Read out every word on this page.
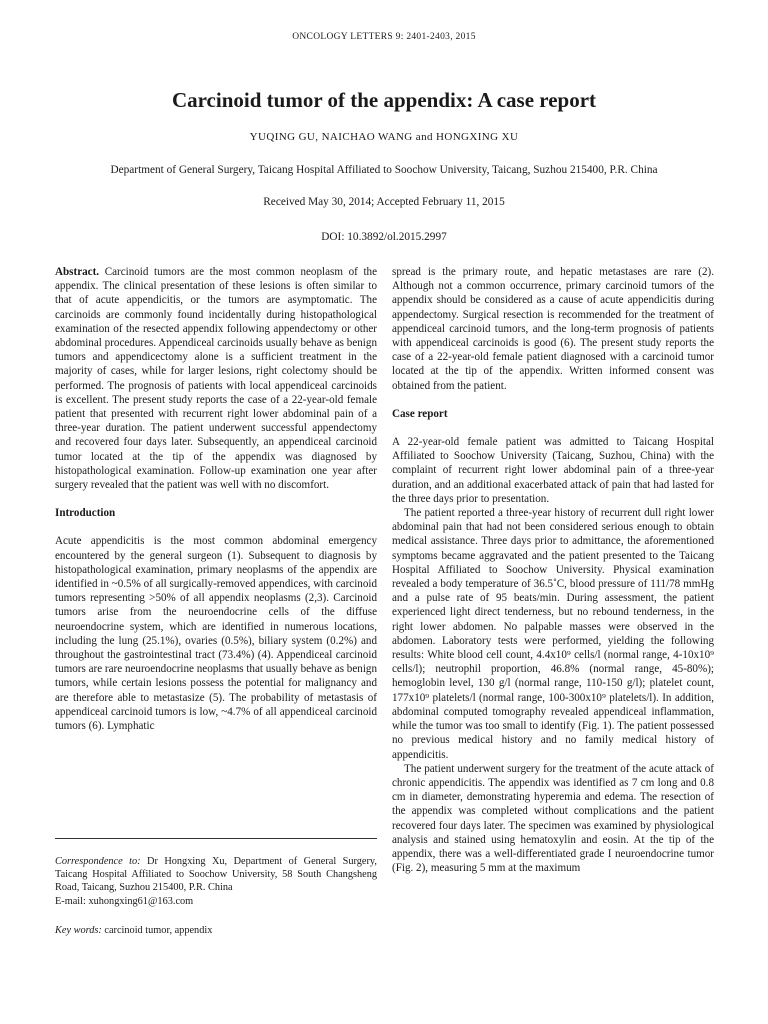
ONCOLOGY LETTERS 9: 2401-2403, 2015
Carcinoid tumor of the appendix: A case report
YUQING GU, NAICHAO WANG and HONGXING XU
Department of General Surgery, Taicang Hospital Affiliated to Soochow University, Taicang, Suzhou 215400, P.R. China
Received May 30, 2014; Accepted February 11, 2015
DOI: 10.3892/ol.2015.2997

Abstract. Carcinoid tumors are the most common neoplasm of the appendix. The clinical presentation of these lesions is often similar to that of acute appendicitis, or the tumors are asymptomatic. The carcinoids are commonly found incidentally during histopathological examination of the resected appendix following appendectomy or other abdominal procedures. Appendiceal carcinoids usually behave as benign tumors and appendicectomy alone is a sufficient treatment in the majority of cases, while for larger lesions, right colectomy should be performed. The prognosis of patients with local appendiceal carcinoids is excellent. The present study reports the case of a 22-year-old female patient that presented with recurrent right lower abdominal pain of a three-year duration. The patient underwent successful appendectomy and recovered four days later. Subsequently, an appendiceal carcinoid tumor located at the tip of the appendix was diagnosed by histopathological examination. Follow-up examination one year after surgery revealed that the patient was well with no discomfort.

Introduction

Acute appendicitis is the most common abdominal emergency encountered by the general surgeon (1). Subsequent to diagnosis by histopathological examination, primary neoplasms of the appendix are identified in ~0.5% of all surgically-removed appendices, with carcinoid tumors representing >50% of all appendix neoplasms (2,3). Carcinoid tumors arise from the neuroendocrine cells of the diffuse neuroendocrine system, which are identified in numerous locations, including the lung (25.1%), ovaries (0.5%), biliary system (0.2%) and throughout the gastrointestinal tract (73.4%) (4). Appendiceal carcinoid tumors are rare neuroendocrine neoplasms that usually behave as benign tumors, while certain lesions possess the potential for malignancy and are therefore able to metastasize (5). The probability of metastasis of appendiceal carcinoid tumors is low, ~4.7% of all appendiceal carcinoid tumors (6). Lymphatic

Correspondence to: Dr Hongxing Xu, Department of General Surgery, Taicang Hospital Affiliated to Soochow University, 58 South Changsheng Road, Taicang, Suzhou 215400, P.R. China
E-mail: xuhongxing61@163.com
Key words: carcinoid tumor, appendix

spread is the primary route, and hepatic metastases are rare (2). Although not a common occurrence, primary carcinoid tumors of the appendix should be considered as a cause of acute appendicitis during appendectomy. Surgical resection is recommended for the treatment of appendiceal carcinoid tumors, and the long-term prognosis of patients with appendiceal carcinoids is good (6). The present study reports the case of a 22-year-old female patient diagnosed with a carcinoid tumor located at the tip of the appendix. Written informed consent was obtained from the patient.

Case report

A 22-year-old female patient was admitted to Taicang Hospital Affiliated to Soochow University (Taicang, Suzhou, China) with the complaint of recurrent right lower abdominal pain of a three-year duration, and an additional exacerbated attack of pain that had lasted for the three days prior to presentation.

The patient reported a three-year history of recurrent dull right lower abdominal pain that had not been considered serious enough to obtain medical assistance. Three days prior to admittance, the aforementioned symptoms became aggravated and the patient presented to the Taicang Hospital Affiliated to Soochow University. Physical examination revealed a body temperature of 36.5˚C, blood pressure of 111/78 mmHg and a pulse rate of 95 beats/min. During assessment, the patient experienced light direct tenderness, but no rebound tenderness, in the right lower abdomen. No palpable masses were observed in the abdomen. Laboratory tests were performed, yielding the following results: White blood cell count, 4.4x10⁹ cells/l (normal range, 4-10x10⁹ cells/l); neutrophil proportion, 46.8% (normal range, 45-80%); hemoglobin level, 130 g/l (normal range, 110-150 g/l); platelet count, 177x10⁹ platelets/l (normal range, 100-300x10⁹ platelets/l). In addition, abdominal computed tomography revealed appendiceal inflammation, while the tumor was too small to identify (Fig. 1). The patient possessed no previous medical history and no family medical history of appendicitis.

The patient underwent surgery for the treatment of the acute attack of chronic appendicitis. The appendix was identified as 7 cm long and 0.8 cm in diameter, demonstrating hyperemia and edema. The resection of the appendix was completed without complications and the patient recovered four days later. The specimen was examined by physiological analysis and stained using hematoxylin and eosin. At the tip of the appendix, there was a well-differentiated grade I neuroendocrine tumor (Fig. 2), measuring 5 mm at the maximum
